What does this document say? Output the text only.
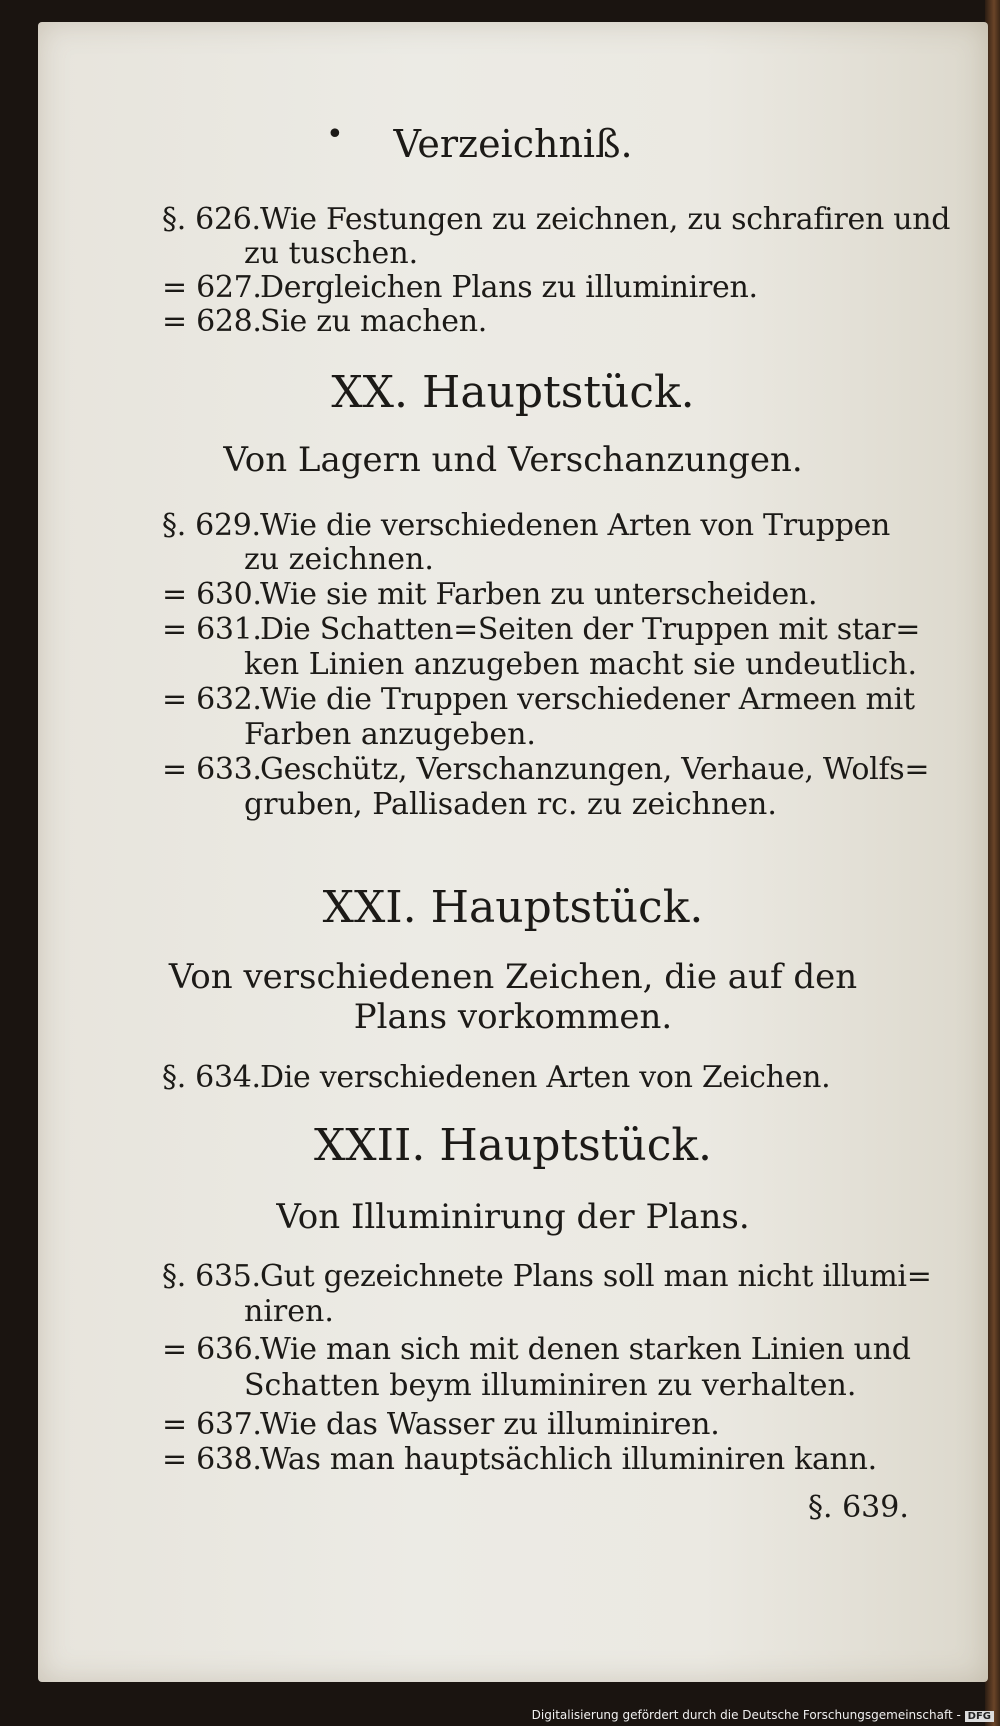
•	Verzeichniß.
§. 626.Wie Festungen zu zeichnen, zu schrafiren und
zu tuschen.
= 627.Dergleichen Plans zu illuminiren.
= 628.Sie zu machen.
XX. Hauptstück.
Von Lagern und Verschanzungen.
§. 629.Wie die verschiedenen Arten von Truppen
zu zeichnen.
= 630.Wie sie mit Farben zu unterscheiden.
= 631.Die Schatten=Seiten der Truppen mit star=
ken Linien anzugeben macht sie undeutlich.
= 632.Wie die Truppen verschiedener Armeen mit
Farben anzugeben.
= 633.Geschütz, Verschanzungen, Verhaue, Wolfs=
gruben, Pallisaden rc. zu zeichnen.
XXI. Hauptstück.
Von verschiedenen Zeichen, die auf den
Plans vorkommen.
§. 634.Die verschiedenen Arten von Zeichen.
XXII. Hauptstück.
Von Illuminirung der Plans.
§. 635.Gut gezeichnete Plans soll man nicht illumi=
niren.
= 636.Wie man sich mit denen starken Linien und
Schatten beym illuminiren zu verhalten.
= 637.Wie das Wasser zu illuminiren.
= 638.Was man hauptsächlich illuminiren kann.
§. 639.
Digitalisierung gefördert durch die Deutsche Forschungsgemeinschaft - DFG
